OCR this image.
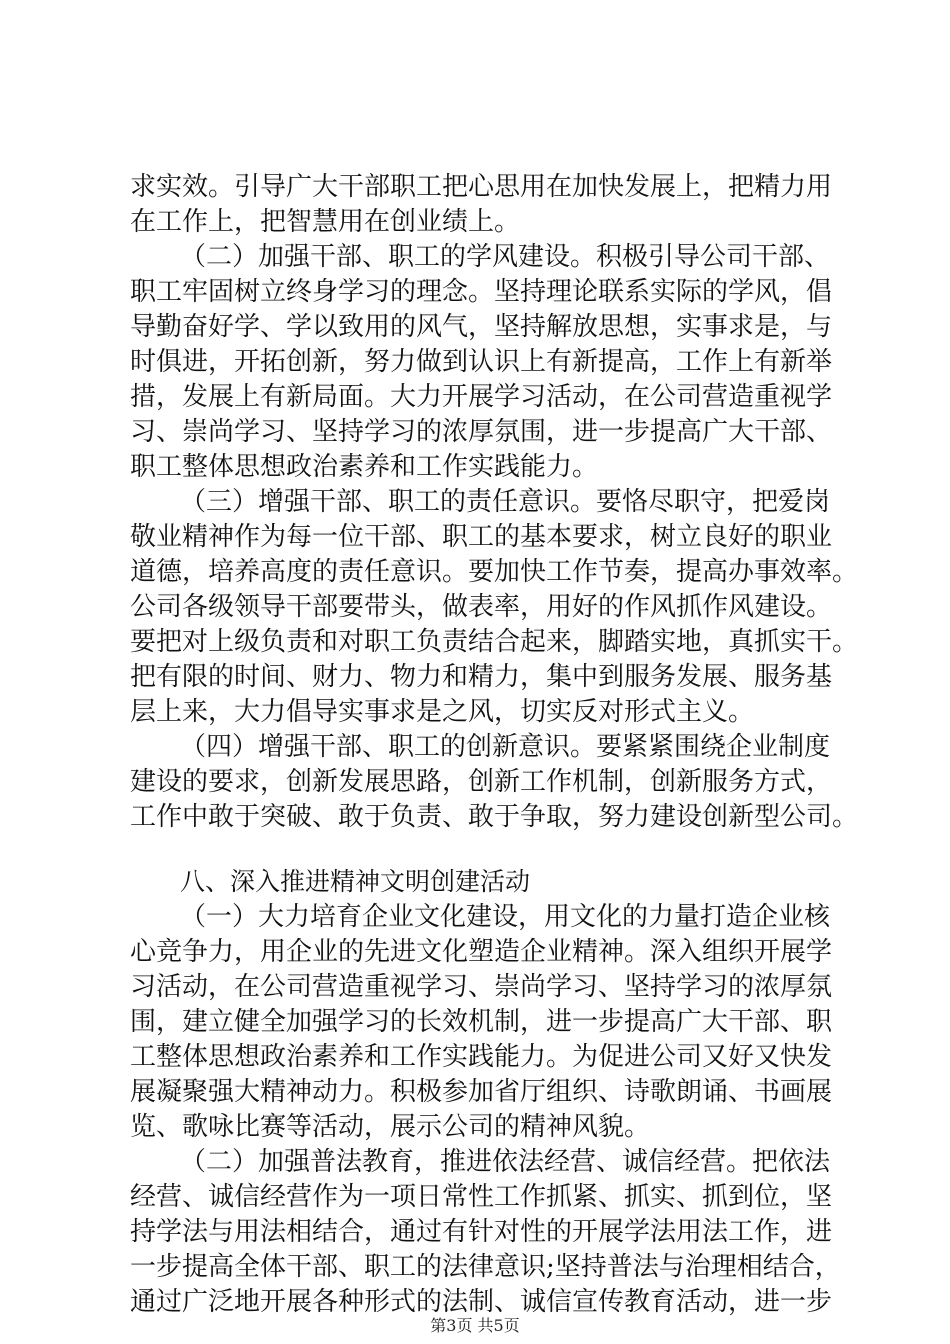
求实效。引导广大干部职工把心思用在加快发展上，把精力用
在工作上，把智慧用在创业绩上。
（二）加强干部、职工的学风建设。积极引导公司干部、
职工牢固树立终身学习的理念。坚持理论联系实际的学风，倡
导勤奋好学、学以致用的风气，坚持解放思想，实事求是，与
时俱进，开拓创新，努力做到认识上有新提高，工作上有新举
措，发展上有新局面。大力开展学习活动，在公司营造重视学
习、崇尚学习、坚持学习的浓厚氛围，进一步提高广大干部、
职工整体思想政治素养和工作实践能力。
（三）增强干部、职工的责任意识。要恪尽职守，把爱岗
敬业精神作为每一位干部、职工的基本要求，树立良好的职业
道德，培养高度的责任意识。要加快工作节奏，提高办事效率。
公司各级领导干部要带头，做表率，用好的作风抓作风建设。
要把对上级负责和对职工负责结合起来，脚踏实地，真抓实干。
把有限的时间、财力、物力和精力，集中到服务发展、服务基
层上来，大力倡导实事求是之风，切实反对形式主义。
（四）增强干部、职工的创新意识。要紧紧围绕企业制度
建设的要求，创新发展思路，创新工作机制，创新服务方式，
工作中敢于突破、敢于负责、敢于争取，努力建设创新型公司。
八、深入推进精神文明创建活动
（一）大力培育企业文化建设，用文化的力量打造企业核
心竞争力，用企业的先进文化塑造企业精神。深入组织开展学
习活动，在公司营造重视学习、崇尚学习、坚持学习的浓厚氛
围，建立健全加强学习的长效机制，进一步提高广大干部、职
工整体思想政治素养和工作实践能力。为促进公司又好又快发
展凝聚强大精神动力。积极参加省厅组织、诗歌朗诵、书画展
览、歌咏比赛等活动，展示公司的精神风貌。
（二）加强普法教育，推进依法经营、诚信经营。把依法
经营、诚信经营作为一项日常性工作抓紧、抓实、抓到位，坚
持学法与用法相结合，通过有针对性的开展学法用法工作，进
一步提高全体干部、职工的法律意识;坚持普法与治理相结合，
通过广泛地开展各种形式的法制、诚信宣传教育活动，进一步
第3页 共5页
